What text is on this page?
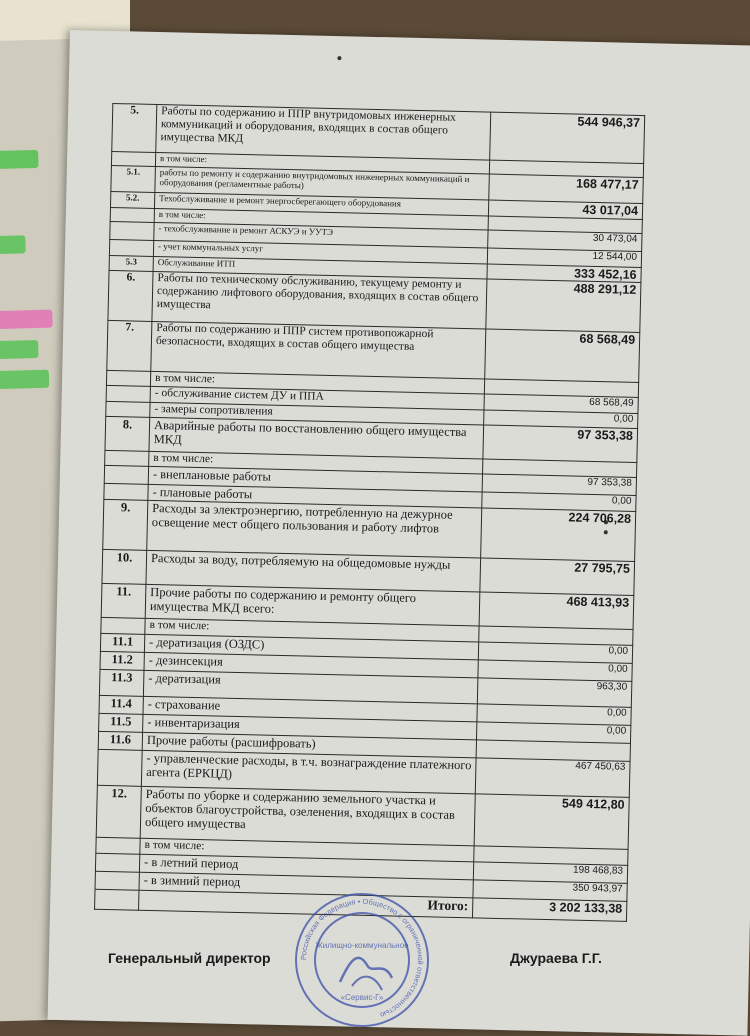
5.	Работы по содержанию и ППР внутридомовых инженерных коммуникаций и оборудования, входящих в состав общего имущества МКД	544 946,37
	в том числе:	
5.1.	работы по ремонту и содержанию внутридомовых инженерных коммуникаций и оборудования (регламентные работы)	168 477,17
5.2.	Техобслуживание и ремонт энергосберегающего оборудования	43 017,04
	в том числе:	
	- техобслуживание и ремонт АСКУЭ и УУТЭ	30 473,04
	- учет коммунальных услуг	12 544,00
5.3	Обслуживание ИТП	333 452,16
6.	Работы по техническому обслуживанию, текущему ремонту и содержанию лифтового оборудования, входящих в состав общего имущества	488 291,12
7.	Работы по содержанию и ППР систем противопожарной безопасности, входящих в состав общего имущества	68 568,49
	в том числе:	
	- обслуживание систем ДУ и ППА	68 568,49
	- замеры сопротивления	0,00
8.	Аварийные работы по восстановлению общего имущества МКД	97 353,38
	в том числе:	
	- внеплановые работы	97 353,38
	- плановые работы	0,00
9.	Расходы за электроэнергию, потребленную на дежурное освещение мест общего пользования и работу лифтов	224 706,28
10.	Расходы за воду, потребляемую на общедомовые нужды	27 795,75
11.	Прочие работы по содержанию и ремонту общего имущества МКД всего:	468 413,93
	в том числе:	
11.1	- дератизация (ОЗДС)	0,00
11.2	- дезинсекция	0,00
11.3	- дератизация	963,30
11.4	- страхование	0,00
11.5	- инвентаризация	0,00
11.6	Прочие работы (расшифровать)	
	- управленческие расходы, в т.ч. вознаграждение платежного агента (ЕРКЦД)	467 450,63
12.	Работы по уборке и содержанию земельного участка и объектов благоустройства, озеленения, входящих в состав общего имущества	549 412,80
	в том числе:	
	- в летний период	198 468,83
	- в зимний период	350 943,97
	Итого:	3 202 133,38
Генеральный директор	Джураева Г.Г.
Российская Федерация • Общество с ограниченной ответственностью
Жилищно-коммунальное
«Сервис-Г»
